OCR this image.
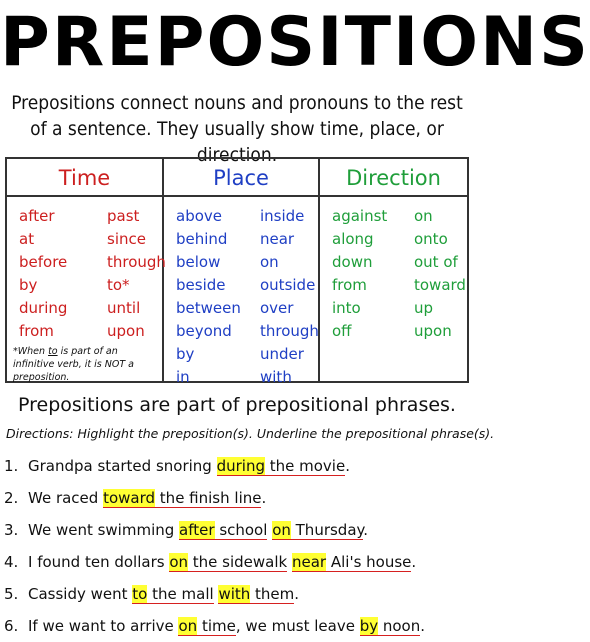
PREPOSITIONS
Prepositions connect nouns and pronouns to the rest of a sentence. They usually show time, place, or direction.
Time
after
at
before
by
during
from
past
since
through
to*
until
upon
*When to is part of an infinitive verb, it is NOT a preposition.
Place
above
behind
below
beside
between
beyond
by
in
inside
near
on
outside
over
through
under
with
Direction
against
along
down
from
into
off
on
onto
out of
toward
up
upon
Prepositions are part of prepositional phrases.
Directions: Highlight the preposition(s). Underline the prepositional phrase(s).
1. Grandpa started snoring during the movie.
2. We raced toward the finish line.
3. We went swimming after school on Thursday.
4. I found ten dollars on the sidewalk near Ali's house.
5. Cassidy went to the mall with them.
6. If we want to arrive on time, we must leave by noon.
